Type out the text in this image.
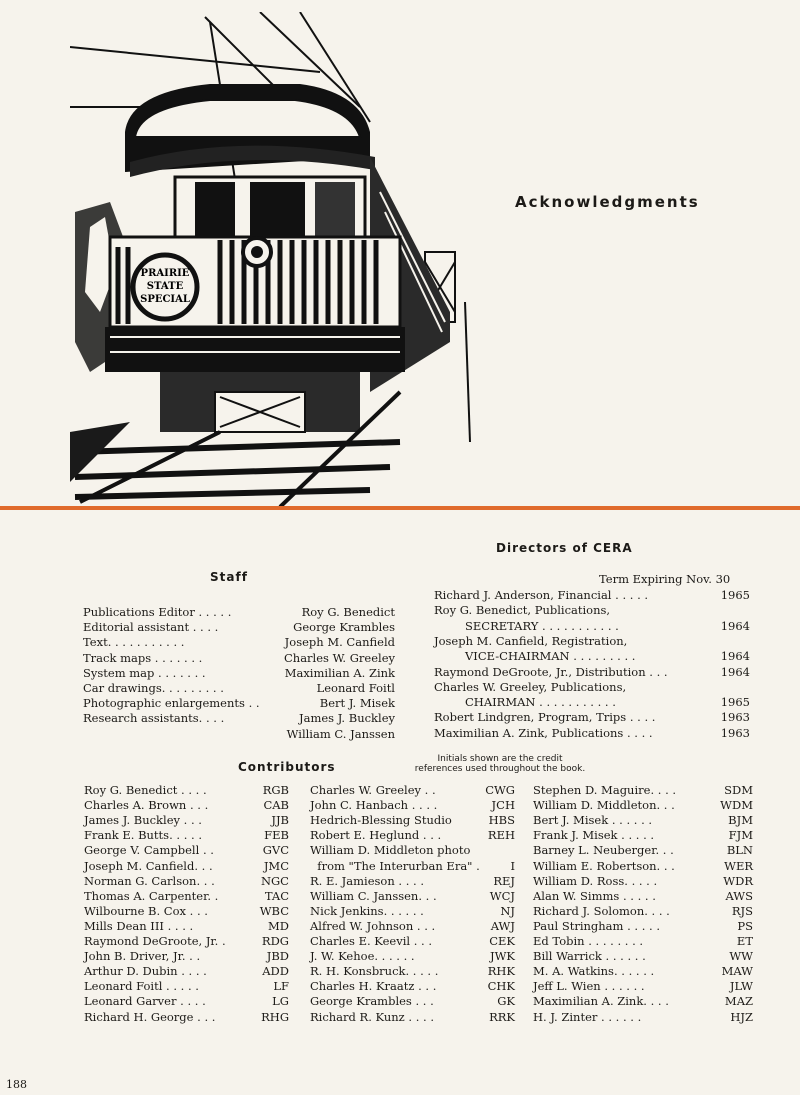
PRAIRIE
STATE
SPECIAL
Acknowledgments
Directors of CERA
Term Expiring Nov. 30
Richard J. Anderson, Financial . . . . .	1965
Roy G. Benedict, Publications,
SECRETARY . . . . . . . . . . .	1964
Joseph M. Canfield, Registration,
VICE-CHAIRMAN . . . . . . . . .	1964
Raymond DeGroote, Jr., Distribution . . .	1964
Charles W. Greeley, Publications,
CHAIRMAN . . . . . . . . . . .	1965
Robert Lindgren, Program, Trips . . . .	1963
Maximilian A. Zink, Publications . . . .	1963
Staff
Publications Editor . . . . .	Roy G. Benedict
Editorial assistant . . . .	George Krambles
Text. . . . . . . . . . .	Joseph M. Canfield
Track maps . . . . . . .	Charles W. Greeley
System map . . . . . . .	Maximilian A. Zink
Car drawings. . . . . . . . .	Leonard Foitl
Photographic enlargements . .	Bert J. Misek
Research assistants. . . .	James J. Buckley
William C. Janssen
Contributors
Initials shown are the credit
references used throughout the book.
Roy G. Benedict . . . .	RGB
Charles A. Brown . . .	CAB
James J. Buckley . . .	JJB
Frank E. Butts. . . . .	FEB
George V. Campbell . .	GVC
Joseph M. Canfield. . .	JMC
Norman G. Carlson. . .	NGC
Thomas A. Carpenter. .	TAC
Wilbourne B. Cox . . .	WBC
Mills Dean III . . . .	MD
Raymond DeGroote, Jr. .	RDG
John B. Driver, Jr. . .	JBD
Arthur D. Dubin . . . .	ADD
Leonard Foitl . . . . .	LF
Leonard Garver . . . .	LG
Richard H. George . . .	RHG
Charles W. Greeley . .	CWG
John C. Hanbach . . . .	JCH
Hedrich-Blessing Studio	HBS
Robert E. Heglund . . .	REH
William D. Middleton photo
from "The Interurban Era" .	I
R. E. Jamieson . . . .	REJ
William C. Janssen. . .	WCJ
Nick Jenkins. . . . . .	NJ
Alfred W. Johnson . . .	AWJ
Charles E. Keevil . . .	CEK
J. W. Kehoe. . . . . .	JWK
R. H. Konsbruck. . . . .	RHK
Charles H. Kraatz . . .	CHK
George Krambles . . .	GK
Richard R. Kunz . . . .	RRK
Stephen D. Maguire. . . .	SDM
William D. Middleton. . .	WDM
Bert J. Misek . . . . . .	BJM
Frank J. Misek . . . . .	FJM
Barney L. Neuberger. . .	BLN
William E. Robertson. . .	WER
William D. Ross. . . . .	WDR
Alan W. Simms . . . . .	AWS
Richard J. Solomon. . . .	RJS
Paul Stringham . . . . .	PS
Ed Tobin . . . . . . . .	ET
Bill Warrick . . . . . .	WW
M. A. Watkins. . . . . .	MAW
Jeff L. Wien . . . . . .	JLW
Maximilian A. Zink. . . .	MAZ
H. J. Zinter . . . . . .	HJZ
188
